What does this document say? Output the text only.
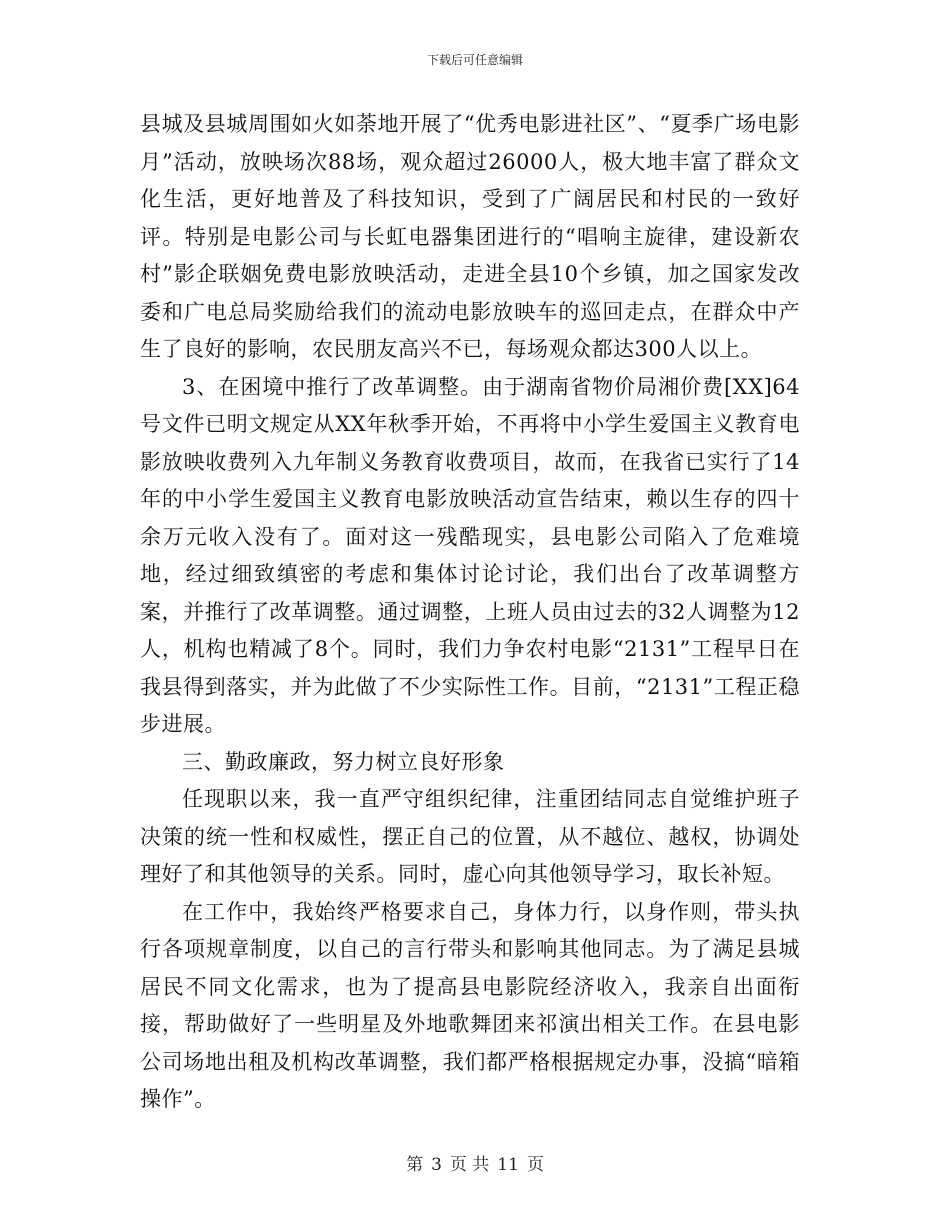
下载后可任意编辑

县城及县城周围如火如荼地开展了“优秀电影进社区”、“夏季广场电影月”活动，放映场次88场，观众超过26000人，极大地丰富了群众文化生活，更好地普及了科技知识，受到了广阔居民和村民的一致好评。特别是电影公司与长虹电器集团进行的“唱响主旋律，建设新农村”影企联姻免费电影放映活动，走进全县10个乡镇，加之国家发改委和广电总局奖励给我们的流动电影放映车的巡回走点，在群众中产生了良好的影响，农民朋友高兴不已，每场观众都达300人以上。

3、在困境中推行了改革调整。由于湖南省物价局湘价费[XX]64号文件已明文规定从XX年秋季开始，不再将中小学生爱国主义教育电影放映收费列入九年制义务教育收费项目，故而，在我省已实行了14年的中小学生爱国主义教育电影放映活动宣告结束，赖以生存的四十余万元收入没有了。面对这一残酷现实，县电影公司陷入了危难境地，经过细致缜密的考虑和集体讨论讨论，我们出台了改革调整方案，并推行了改革调整。通过调整，上班人员由过去的32人调整为12人，机构也精减了8个。同时，我们力争农村电影“2131”工程早日在我县得到落实，并为此做了不少实际性工作。目前，“2131”工程正稳步进展。

三、勤政廉政，努力树立良好形象

任现职以来，我一直严守组织纪律，注重团结同志自觉维护班子决策的统一性和权威性，摆正自己的位置，从不越位、越权，协调处理好了和其他领导的关系。同时，虚心向其他领导学习，取长补短。

在工作中，我始终严格要求自己，身体力行，以身作则，带头执行各项规章制度，以自己的言行带头和影响其他同志。为了满足县城居民不同文化需求，也为了提高县电影院经济收入，我亲自出面衔接，帮助做好了一些明星及外地歌舞团来祁演出相关工作。在县电影公司场地出租及机构改革调整，我们都严格根据规定办事，没搞“暗箱操作”。

第 3 页 共 11 页
